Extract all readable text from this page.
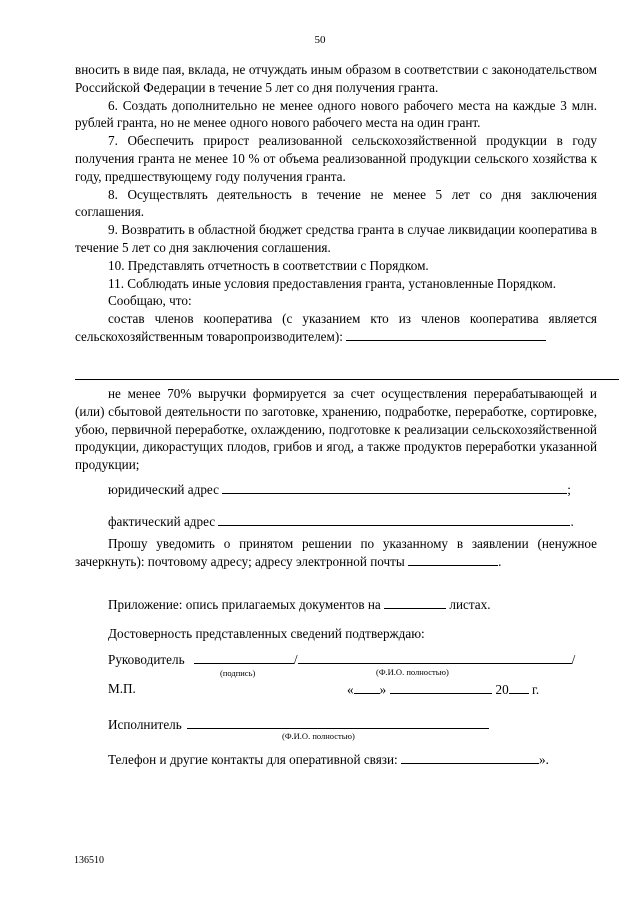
50

вносить в виде пая, вклада, не отчуждать иным образом в соответствии с законодательством Российской Федерации в течение 5 лет со дня получения гранта.

6. Создать дополнительно не менее одного нового рабочего места на каждые 3 млн. рублей гранта, но не менее одного нового рабочего места на один грант.

7. Обеспечить прирост реализованной сельскохозяйственной продукции в году получения гранта не менее 10 % от объема реализованной продукции сельского хозяйства к году, предшествующему году получения гранта.

8. Осуществлять деятельность в течение не менее 5 лет со дня заключения соглашения.

9. Возвратить в областной бюджет средства гранта в случае ликвидации кооператива в течение 5 лет со дня заключения соглашения.

10. Представлять отчетность в соответствии с Порядком.

11. Соблюдать иные условия предоставления гранта, установленные Порядком.

Сообщаю, что:

состав членов кооператива (с указанием кто из членов кооператива является сельскохозяйственным товаропроизводителем):

не менее 70% выручки формируется за счет осуществления перерабатывающей и (или) сбытовой деятельности по заготовке, хранению, подработке, переработке, сортировке, убою, первичной переработке, охлаждению, подготовке к реализации сельскохозяйственной продукции, дикорастущих плодов, грибов и ягод, а также продуктов переработки указанной продукции;

юридический адрес	;
фактический адрес	.

Прошу уведомить о принятом решении по указанному в заявлении (ненужное зачеркнуть): почтовому адресу; адресу электронной почты	.

Приложение: опись прилагаемых документов на	листах.
Достоверность представленных сведений подтверждаю:
Руководитель	/	/
(подпись)	(Ф.И.О. полностью)
М.П.	« »	20 г.
Исполнитель
(Ф.И.О. полностью)
Телефон и другие контакты для оперативной связи:	».
136510
